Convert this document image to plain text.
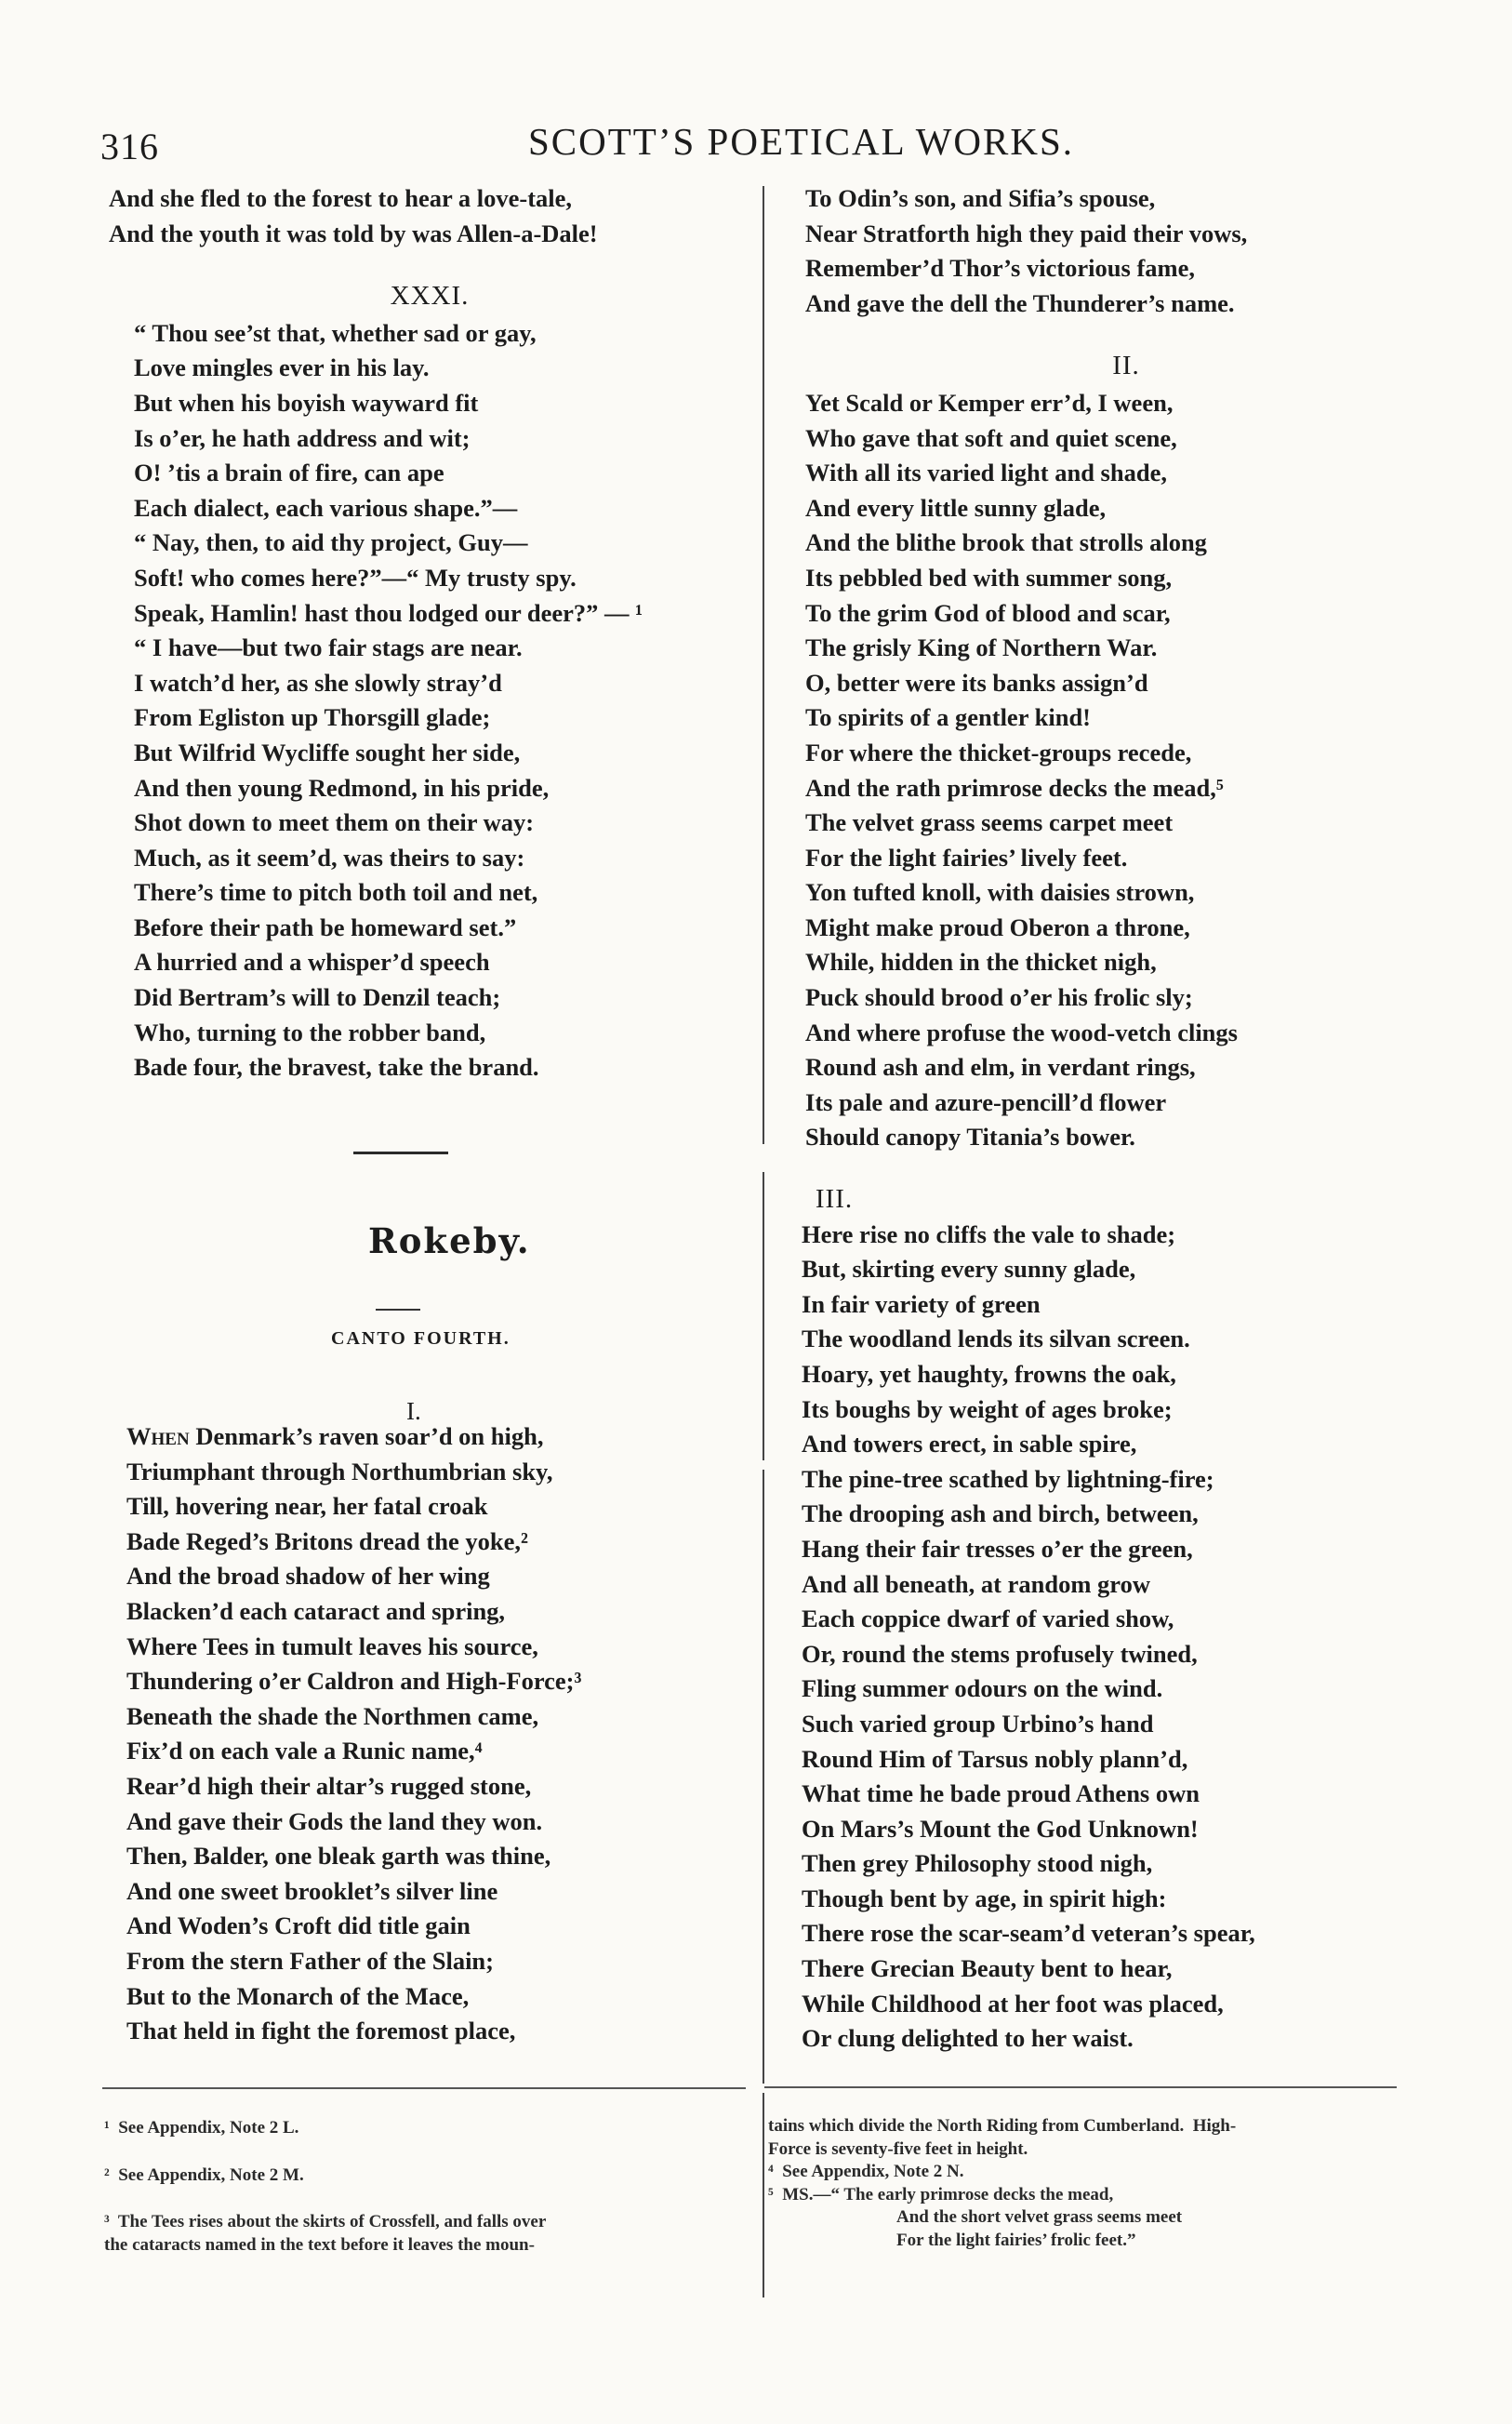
316	SCOTT’S POETICAL WORKS.
And she fled to the forest to hear a love-tale,
And the youth it was told by was Allen-a-Dale!
XXXI.
“ Thou see’st that, whether sad or gay,
Love mingles ever in his lay.
But when his boyish wayward fit
Is o’er, he hath address and wit;
O! ’tis a brain of fire, can ape
Each dialect, each various shape.”—
“ Nay, then, to aid thy project, Guy—
Soft! who comes here?”—“ My trusty spy.
Speak, Hamlin! hast thou lodged our deer?” — ¹
“ I have—but two fair stags are near.
I watch’d her, as she slowly stray’d
From Egliston up Thorsgill glade;
But Wilfrid Wycliffe sought her side,
And then young Redmond, in his pride,
Shot down to meet them on their way:
Much, as it seem’d, was theirs to say:
There’s time to pitch both toil and net,
Before their path be homeward set.”
A hurried and a whisper’d speech
Did Bertram’s will to Denzil teach;
Who, turning to the robber band,
Bade four, the bravest, take the brand.
Rokeby.
CANTO FOURTH.
I.
When Denmark’s raven soar’d on high,
Triumphant through Northumbrian sky,
Till, hovering near, her fatal croak
Bade Reged’s Britons dread the yoke,²
And the broad shadow of her wing
Blacken’d each cataract and spring,
Where Tees in tumult leaves his source,
Thundering o’er Caldron and High-Force;³
Beneath the shade the Northmen came,
Fix’d on each vale a Runic name,⁴
Rear’d high their altar’s rugged stone,
And gave their Gods the land they won.
Then, Balder, one bleak garth was thine,
And one sweet brooklet’s silver line
And Woden’s Croft did title gain
From the stern Father of the Slain;
But to the Monarch of the Mace,
That held in fight the foremost place,
To Odin’s son, and Sifia’s spouse,
Near Stratforth high they paid their vows,
Remember’d Thor’s victorious fame,
And gave the dell the Thunderer’s name.
II.
Yet Scald or Kemper err’d, I ween,
Who gave that soft and quiet scene,
With all its varied light and shade,
And every little sunny glade,
And the blithe brook that strolls along
Its pebbled bed with summer song,
To the grim God of blood and scar,
The grisly King of Northern War.
O, better were its banks assign’d
To spirits of a gentler kind!
For where the thicket-groups recede,
And the rath primrose decks the mead,⁵
The velvet grass seems carpet meet
For the light fairies’ lively feet.
Yon tufted knoll, with daisies strown,
Might make proud Oberon a throne,
While, hidden in the thicket nigh,
Puck should brood o’er his frolic sly;
And where profuse the wood-vetch clings
Round ash and elm, in verdant rings,
Its pale and azure-pencill’d flower
Should canopy Titania’s bower.
III.
Here rise no cliffs the vale to shade;
But, skirting every sunny glade,
In fair variety of green
The woodland lends its silvan screen.
Hoary, yet haughty, frowns the oak,
Its boughs by weight of ages broke;
And towers erect, in sable spire,
The pine-tree scathed by lightning-fire;
The drooping ash and birch, between,
Hang their fair tresses o’er the green,
And all beneath, at random grow
Each coppice dwarf of varied show,
Or, round the stems profusely twined,
Fling summer odours on the wind.
Such varied group Urbino’s hand
Round Him of Tarsus nobly plann’d,
What time he bade proud Athens own
On Mars’s Mount the God Unknown!
Then grey Philosophy stood nigh,
Though bent by age, in spirit high:
There rose the scar-seam’d veteran’s spear,
There Grecian Beauty bent to hear,
While Childhood at her foot was placed,
Or clung delighted to her waist.
¹  See Appendix, Note 2 L.
²  See Appendix, Note 2 M.
³  The Tees rises about the skirts of Crossfell, and falls over
the cataracts named in the text before it leaves the moun-
tains which divide the North Riding from Cumberland.  High-
Force is seventy-five feet in height.
⁴  See Appendix, Note 2 N.
⁵  MS.—“ The early primrose decks the mead,
And the short velvet grass seems meet
For the light fairies’ frolic feet.”
